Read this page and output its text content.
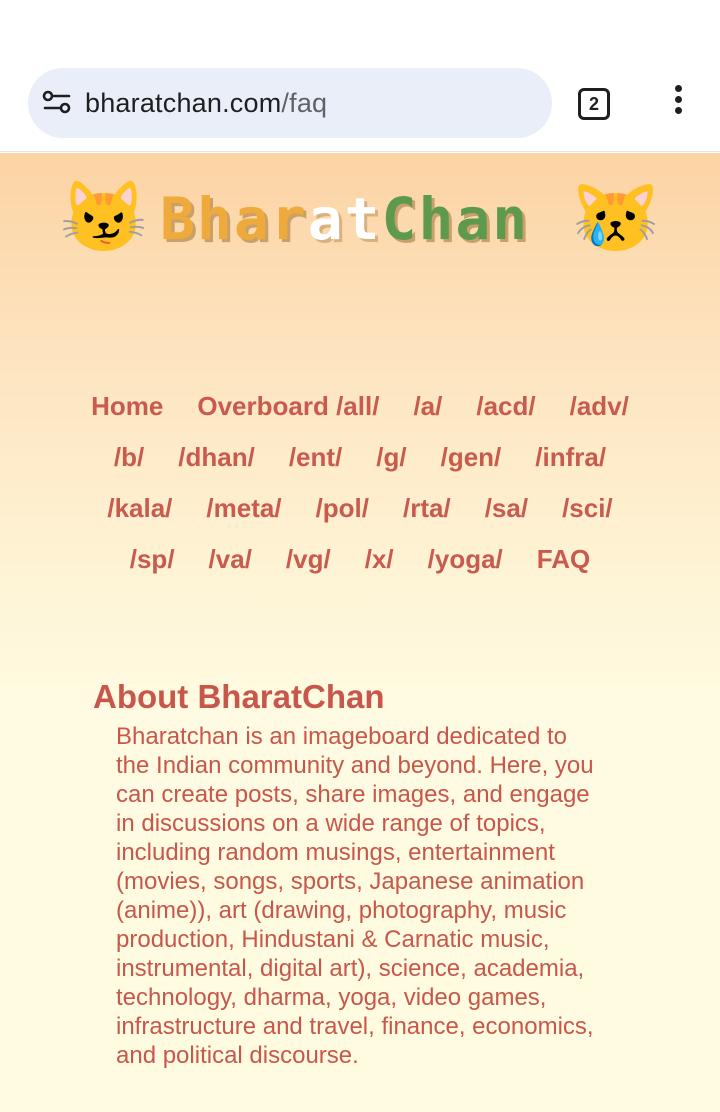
bharatchan.com/faq	2
😼 BharatChan 😿
Home Overboard /all/ /a/ /acd/ /adv/
/b/ /dhan/ /ent/ /g/ /gen/ /infra/
/kala/ /meta/ /pol/ /rta/ /sa/ /sci/
/sp/ /va/ /vg/ /x/ /yoga/ FAQ
About BharatChan

Bharatchan is an imageboard dedicated to the Indian community and beyond. Here, you can create posts, share images, and engage in discussions on a wide range of topics, including random musings, entertainment (movies, songs, sports, Japanese animation (anime)), art (drawing, photography, music production, Hindustani & Carnatic music, instrumental, digital art), science, academia, technology, dharma, yoga, video games, infrastructure and travel, finance, economics, and political discourse.
